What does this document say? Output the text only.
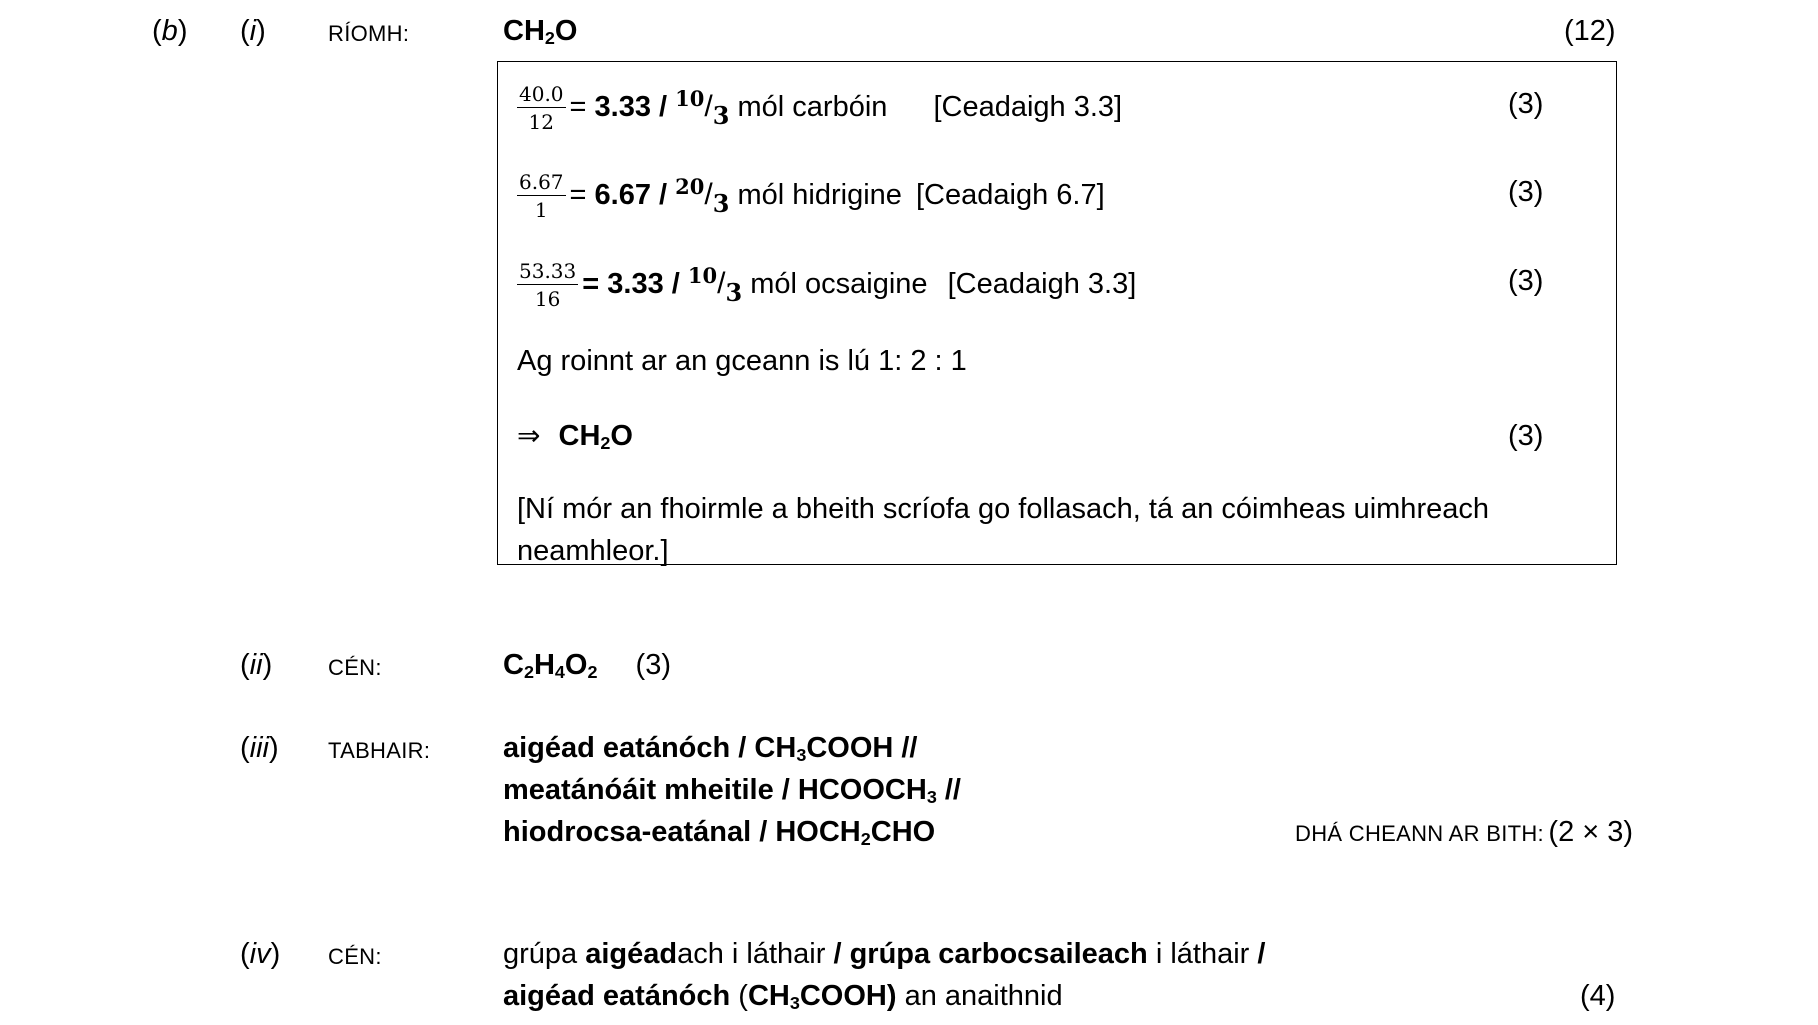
(b) (i)	RÍOMH:	$CH_2O$	(12)
$\frac{40.0}{12} = 3.33 / ^{10}/_3$ mól carbóin [Ceadaigh 3.3]	(3)
$\frac{6.67}{1} = 6.67 / ^{20}/_3$ mól hidrigine [Ceadaigh 6.7]	(3)
$\frac{53.33}{16} = 3.33 / ^{10}/_3$ mól ocsaigine [Ceadaigh 3.3]	(3)
Ag roinnt ar an gceann is lú 1: 2 : 1
⇒ $CH_2O$	(3)
[Ní mór an fhoirmle a bheith scríofa go follasach, tá an cóimheas uimhreach
neamhleor.]
(ii)	CÉN:	$C_2H_4O_2$ (3)
(iii) TABHAIR:	aigéad eatánóch / $CH_3COOH$ //
meatánóáit mheitile / $HCOOCH_3$ //
hiodrocsa-eatánal / $HOCH_2CHO$	DHÁ CHEANN AR BITH: (2 × 3)
(iv) CÉN:	grúpa aigéadach i láthair / grúpa carbocsaileach i láthair /
aigéad eatánóch $(CH_3COOH)$ an anaithnid	(4)
